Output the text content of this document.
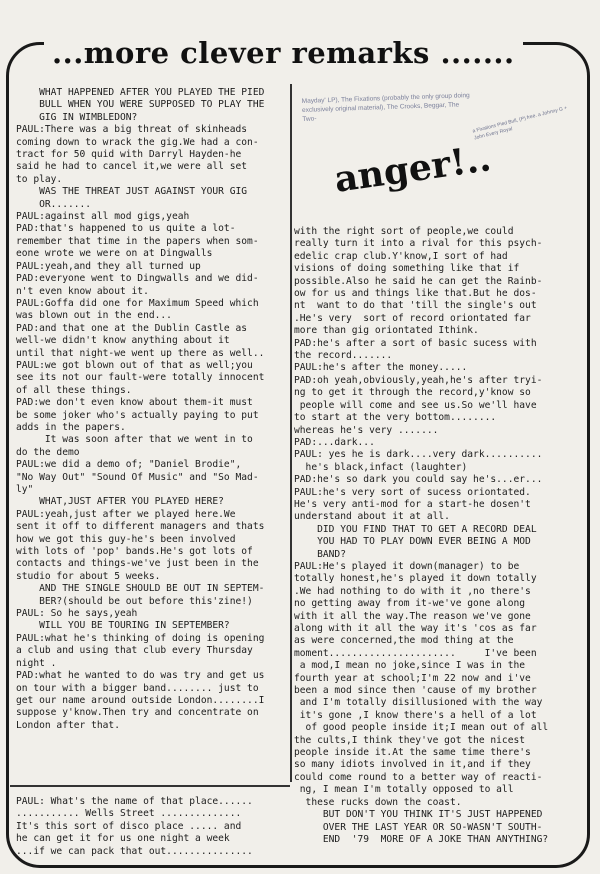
...more clever remarks .......
WHAT HAPPENED AFTER YOU PLAYED THE PIED
BULL WHEN YOU WERE SUPPOSED TO PLAY THE
GIG IN WIMBLEDON?
PAUL:There was a big threat of skinheads
coming down to wrack the gig.We had a con-
tract for 50 quid with Darryl Hayden-he
said he had to cancel it,we were all set
to play.
WAS THE THREAT JUST AGAINST YOUR GIG
OR.......
PAUL:against all mod gigs,yeah
PAD:that's happened to us quite a lot-
remember that time in the papers when som-
eone wrote we were on at Dingwalls
PAUL:yeah,and they all turned up
PAD:everyone went to Dingwalls and we did-
n't even know about it.
PAUL:Goffa did one for Maximum Speed which
was blown out in the end...
PAD:and that one at the Dublin Castle as
well-we didn't know anything about it
until that night-we went up there as well..
PAUL:we got blown out of that as well;you
see its not our fault-were totally innocent
of all these things.
PAD:we don't even know about them-it must
be some joker who's actually paying to put
adds in the papers.
It was soon after that we went in to
do the demo
PAUL:we did a demo of; "Daniel Brodie",
"No Way Out" "Sound Of Music" and "So Mad-
ly"
WHAT,JUST AFTER YOU PLAYED HERE?
PAUL:yeah,just after we played here.We
sent it off to different managers and thats
how we got this guy-he's been involved
with lots of 'pop' bands.He's got lots of
contacts and things-we've just been in the
studio for about 5 weeks.
AND THE SINGLE SHOULD BE OUT IN SEPTEM-
BER?(should be out before this'zine!)
PAUL: So he says,yeah
WILL YOU BE TOURING IN SEPTEMBER?
PAUL:what he's thinking of doing is opening
a club and using that club every Thursday
night .
PAD:what he wanted to do was try and get us
on tour with a bigger band........ just to
get our name around outside London........I
suppose y'know.Then try and concentrate on
London after that.
PAUL: What's the name of that place......
........... Wells Street ..............
It's this sort of disco place ..... and
he can get it for us one night a week
...if we can pack that out...............
Mayday' LP), The Fixations (probably the only group doing exclusively original material), The Crooks, Beggar, The Two-	a Fixations Pied Bull, (P) free. a Johnny G + John Every Royal
anger!..
with the right sort of people,we could
really turn it into a rival for this psych-
edelic crap club.Y'know,I sort of had
visions of doing something like that if
possible.Also he said he can get the Rainb-
ow for us and things like that.But he dos-
nt  want to do that 'till the single's out
.He's very  sort of record oriontated far
more than gig oriontated Ithink.
PAD:he's after a sort of basic sucess with
the record.......
PAUL:he's after the money.....
PAD:oh yeah,obviously,yeah,he's after tryi-
ng to get it through the record,y'know so
people will come and see us.So we'll have
to start at the very bottom........
whereas he's very .......
PAD:...dark...
PAUL: yes he is dark....very dark..........
he's black,infact (laughter)
PAD:he's so dark you could say he's...er...
PAUL:he's very sort of sucess oriontated.
He's very anti-mod for a start-he dosen't
understand about it at all.
DID YOU FIND THAT TO GET A RECORD DEAL
YOU HAD TO PLAY DOWN EVER BEING A MOD
BAND?
PAUL:He's played it down(manager) to be
totally honest,he's played it down totally
.We had nothing to do with it ,no there's
no getting away from it-we've gone along
with it all the way.The reason we've gone
along with it all the way it's 'cos as far
as were concerned,the mod thing at the
moment......................     I've been
a mod,I mean no joke,since I was in the
fourth year at school;I'm 22 now and i've
been a mod since then 'cause of my brother
and I'm totally disillusioned with the way
it's gone ,I know there's a hell of a lot
of good people inside it;I mean out of all
the cults,I think they've got the nicest
people inside it.At the same time there's
so many idiots involved in it,and if they
could come round to a better way of reacti-
ng, I mean I'm totally opposed to all
these rucks down the coast.
BUT DON'T YOU THINK IT'S JUST HAPPENED
OVER THE LAST YEAR OR SO-WASN'T SOUTH-
END  '79  MORE OF A JOKE THAN ANYTHING?
